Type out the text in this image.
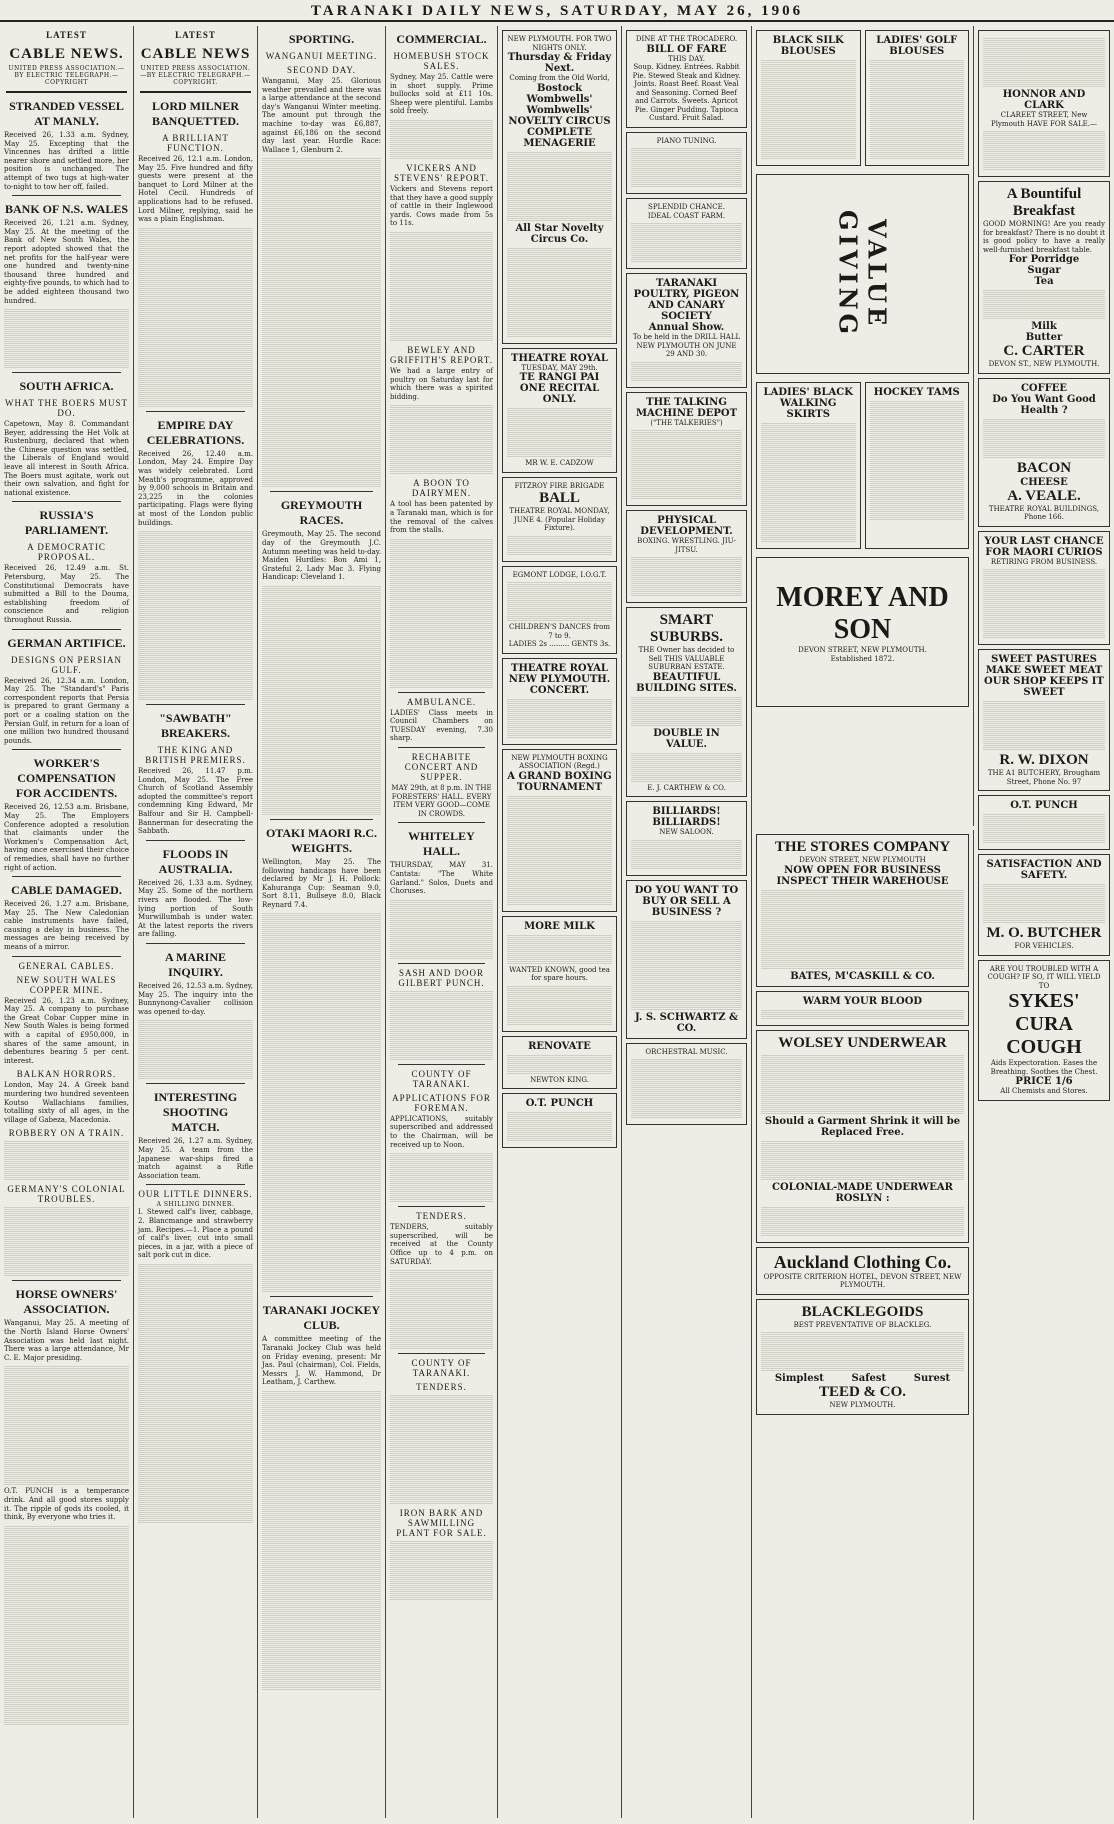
TARANAKI DAILY NEWS, SATURDAY, MAY 26, 1906
LATEST
CABLE NEWS.
UNITED PRESS ASSOCIATION.—BY ELECTRIC TELEGRAPH.—COPYRIGHT
STRANDED VESSEL AT MANLY.

Received 26, 1.33 a.m. Sydney, May 25. Excepting that the Vincennes has drifted a little nearer shore and settled more, her position is unchanged. The attempt of two tugs at high-water to-night to tow her off, failed.

BANK OF N.S. WALES

Received 26, 1.21 a.m. Sydney, May 25. At the meeting of the Bank of New South Wales, the report adopted showed that the net profits for the half-year were one hundred and twenty-nine thousand three hundred and eighty-five pounds, to which had to be added eighteen thousand two hundred.

SOUTH AFRICA.
WHAT THE BOERS MUST DO.

Capetown, May 8. Commandant Beyer, addressing the Het Volk at Rustenburg, declared that when the Chinese question was settled, the Liberals of England would leave all interest in South Africa. The Boers must agitate, work out their own salvation, and fight for national existence.

RUSSIA'S PARLIAMENT.
A DEMOCRATIC PROPOSAL.

Received 26, 12.49 a.m. St. Petersburg, May 25. The Constitutional Democrats have submitted a Bill to the Douma, establishing freedom of conscience and religion throughout Russia.

GERMAN ARTIFICE.
DESIGNS ON PERSIAN GULF.

Received 26, 12.34 a.m. London, May 25. The "Standard's" Paris correspondent reports that Persia is prepared to grant Germany a port or a coaling station on the Persian Gulf, in return for a loan of one million two hundred thousand pounds.

WORKER'S COMPENSATION FOR ACCIDENTS.

Received 26, 12.53 a.m. Brisbane, May 25. The Employers Conference adopted a resolution that claimants under the Workmen's Compensation Act, having once exercised their choice of remedies, shall have no further right of action.

CABLE DAMAGED.

Received 26, 1.27 a.m. Brisbane, May 25. The New Caledonian cable instruments have failed, causing a delay in business. The messages are being received by means of a mirror.

GENERAL CABLES.
NEW SOUTH WALES COPPER MINE.

Received 26, 1.23 a.m. Sydney, May 25. A company to purchase the Great Cobar Copper mine in New South Wales is being formed with a capital of £950,000, in shares of the same amount, in debentures bearing 5 per cent. interest.

BALKAN HORRORS.

London, May 24. A Greek band murdering two hundred seventeen Koutso Wallachians families, totalling sixty of all ages, in the village of Gabeza, Macedonia.

ROBBERY ON A TRAIN.
GERMANY'S COLONIAL TROUBLES.
HORSE OWNERS' ASSOCIATION.

Wanganui, May 25. A meeting of the North Island Horse Owners' Association was held last night. There was a large attendance, Mr C. E. Major presiding.

O.T. PUNCH is a temperance drink. And all good stores supply it. The ripple of gods its cooled, it think, By everyone who tries it.

LATEST
CABLE NEWS
UNITED PRESS ASSOCIATION.—BY ELECTRIC TELEGRAPH.—COPYRIGHT.
LORD MILNER BANQUETTED.
A BRILLIANT FUNCTION.

Received 26, 12.1 a.m. London, May 25. Five hundred and fifty guests were present at the banquet to Lord Milner at the Hotel Cecil. Hundreds of applications had to be refused. Lord Milner, replying, said he was a plain Englishman.

EMPIRE DAY CELEBRATIONS.

Received 26, 12.40 a.m. London, May 24. Empire Day was widely celebrated. Lord Meath's programme, approved by 9,000 schools in Britain and 23,225 in the colonies participating. Flags were flying at most of the London public buildings.

"SAWBATH" BREAKERS.
THE KING AND BRITISH PREMIERS.

Received 26, 11.47 p.m. London, May 25. The Free Church of Scotland Assembly adopted the committee's report condemning King Edward, Mr Balfour and Sir H. Campbell-Bannerman for desecrating the Sabbath.

FLOODS IN AUSTRALIA.

Received 26, 1.33 a.m. Sydney, May 25. Some of the northern rivers are flooded. The low-lying portion of South Murwillumbah is under water. At the latest reports the rivers are falling.

A MARINE INQUIRY.

Received 26, 12.53 a.m. Sydney, May 25. The inquiry into the Bunnynong-Cavalier collision was opened to-day.

INTERESTING SHOOTING MATCH.

Received 26, 1.27 a.m. Sydney, May 25. A team from the Japanese war-ships fired a match against a Rifle Association team.

OUR LITTLE DINNERS.
A SHILLING DINNER.

I. Stewed calf's liver, cabbage, 2. Blancmange and strawberry jam. Recipes.—1. Place a pound of calf's liver, cut into small pieces, in a jar, with a piece of salt pork cut in dice.

SPORTING.
WANGANUI MEETING.
SECOND DAY.

Wanganui, May 25. Glorious weather prevailed and there was a large attendance at the second day's Wanganui Winter meeting. The amount put through the machine to-day was £6,887, against £6,186 on the second day last year. Hurdle Race: Wallace 1, Glenburn 2.

GREYMOUTH RACES.

Greymouth, May 25. The second day of the Greymouth J.C. Autumn meeting was held to-day. Maiden Hurdles: Bon Ami 1, Grateful 2, Lady Mac 3. Flying Handicap: Cleveland 1.

OTAKI MAORI R.C. WEIGHTS.

Wellington, May 25. The following handicaps have been declared by Mr J. H. Pollock: Kahuranga Cup: Seaman 9.0, Sort 8.11, Bullseye 8.0, Black Reynard 7.4.

TARANAKI JOCKEY CLUB.

A committee meeting of the Taranaki Jockey Club was held on Friday evening, present: Mr Jas. Paul (chairman), Col. Fields, Messrs J. W. Hammond, Dr Leatham, J. Carthew.

COMMERCIAL.
HOMEBUSH STOCK SALES.

Sydney, May 25. Cattle were in short supply. Prime bullocks sold at £11 10s. Sheep were plentiful. Lambs sold freely.

VICKERS AND STEVENS' REPORT.

Vickers and Stevens report that they have a good supply of cattle in their Inglewood yards. Cows made from 5s to 11s.

BEWLEY AND GRIFFITH'S REPORT.

We had a large entry of poultry on Saturday last for which there was a spirited bidding.

A BOON TO DAIRYMEN.

A tool has been patented by a Taranaki man, which is for the removal of the calves from the stalls.

AMBULANCE.

LADIES' Class meets in Council Chambers on TUESDAY evening, 7.30 sharp.

RECHABITE CONCERT AND SUPPER.

MAY 29th, at 8 p.m. IN THE FORESTERS' HALL. EVERY ITEM VERY GOOD—COME IN CROWDS.

WHITELEY HALL.

THURSDAY, MAY 31. Cantata: "The White Garland." Solos, Duets and Choruses.

SASH AND DOOR GILBERT PUNCH.
COUNTY OF TARANAKI.
APPLICATIONS FOR FOREMAN.

APPLICATIONS, suitably superscribed and addressed to the Chairman, will be received up to Noon.

TENDERS.

TENDERS, suitably superscribed, will be received at the County Office up to 4 p.m. on SATURDAY.

COUNTY OF TARANAKI.
TENDERS.
IRON BARK AND SAWMILLING PLANT FOR SALE.
NEW PLYMOUTH. FOR TWO NIGHTS ONLY.
Thursday & Friday Next.
Coming from the Old World,
Bostock
Wombwells' Wombwells'
NOVELTY CIRCUS
COMPLETE MENAGERIE
All Star Novelty Circus Co.
THEATRE ROYAL
TUESDAY, MAY 29th.
TE RANGI PAI
ONE RECITAL ONLY.
MR W. E. CADZOW
FITZROY FIRE BRIGADE
BALL
THEATRE ROYAL MONDAY, JUNE 4. (Popular Holiday Fixture).
EGMONT LODGE, I.O.G.T.
CHILDREN'S DANCES from 7 to 9.
LADIES 2s ......... GENTS 3s.
THEATRE ROYAL NEW PLYMOUTH.
CONCERT.
NEW PLYMOUTH BOXING ASSOCIATION (Regd.)
A GRAND BOXING TOURNAMENT
MORE MILK
WANTED KNOWN, good tea for spare hours.
RENOVATE
NEWTON KING.
O.T. PUNCH
DINE AT THE TROCADERO.
BILL OF FARE
THIS DAY.
Soup. Kidney. Entrées. Rabbit Pie. Stewed Steak and Kidney. Joints. Roast Beef. Roast Veal and Seasoning. Corned Beef and Carrots. Sweets. Apricot Pie. Ginger Pudding. Tapioca Custard. Fruit Salad.
PIANO TUNING.
SPLENDID CHANCE.
IDEAL COAST FARM.
TARANAKI POULTRY, PIGEON AND CANARY SOCIETY
Annual Show.
To be held in the DRILL HALL NEW PLYMOUTH ON JUNE 29 AND 30.
THE TALKING MACHINE DEPOT
("THE TALKERIES")
PHYSICAL DEVELOPMENT.
BOXING. WRESTLING. JIU-JITSU.
SMART SUBURBS.
THE Owner has decided to Sell THIS VALUABLE SUBURBAN ESTATE.
BEAUTIFUL BUILDING SITES.
DOUBLE IN VALUE.
E. J. CARTHEW & CO.
BILLIARDS! BILLIARDS!
NEW SALOON.
DO YOU WANT TO BUY OR SELL A BUSINESS ?
J. S. SCHWARTZ & CO.
ORCHESTRAL MUSIC.
BLACK SILK BLOUSES
LADIES' GOLF BLOUSES
VALUE GIVING
LADIES' BLACK WALKING SKIRTS
HOCKEY TAMS
MOREY AND SON
DEVON STREET, NEW PLYMOUTH.
Established 1872.
HONNOR AND CLARK
CLAREET STREET, New Plymouth HAVE FOR SALE.—
A Bountiful Breakfast
GOOD MORNING! Are you ready for breakfast? There is no doubt it is good policy to have a really well-furnished breakfast table.
For Porridge
Sugar
Tea
Milk
Butter
C. CARTER
DEVON ST., NEW PLYMOUTH.
COFFEE
Do You Want Good Health ?
BACON
CHEESE
A. VEALE.
THEATRE ROYAL BUILDINGS, Phone 166.
YOUR LAST CHANCE FOR MAORI CURIOS
RETIRING FROM BUSINESS.
SWEET PASTURES MAKE SWEET MEAT
OUR SHOP KEEPS IT SWEET
R. W. DIXON
THE A1 BUTCHERY, Brougham Street, Phone No. 97
O.T. PUNCH
SATISFACTION AND SAFETY.
M. O. BUTCHER
FOR VEHICLES.
ARE YOU TROUBLED WITH A COUGH? IF SO, IT WILL YIELD TO
SYKES' CURA COUGH
Aids Expectoration. Eases the Breathing. Soothes the Chest.
PRICE 1/6
All Chemists and Stores.
THE STORES COMPANY
DEVON STREET, NEW PLYMOUTH
NOW OPEN FOR BUSINESS
INSPECT THEIR WAREHOUSE
BATES, M'CASKILL & CO.
WARM YOUR BLOOD
WOLSEY UNDERWEAR
Should a Garment Shrink it will be Replaced Free.
COLONIAL-MADE UNDERWEAR
ROSLYN :
Auckland Clothing Co.
OPPOSITE CRITERION HOTEL, DEVON STREET, NEW PLYMOUTH.
BLACKLEGOIDS
BEST PREVENTATIVE OF BLACKLEG.
Simplest	Safest	Surest
TEED & CO.
NEW PLYMOUTH.
